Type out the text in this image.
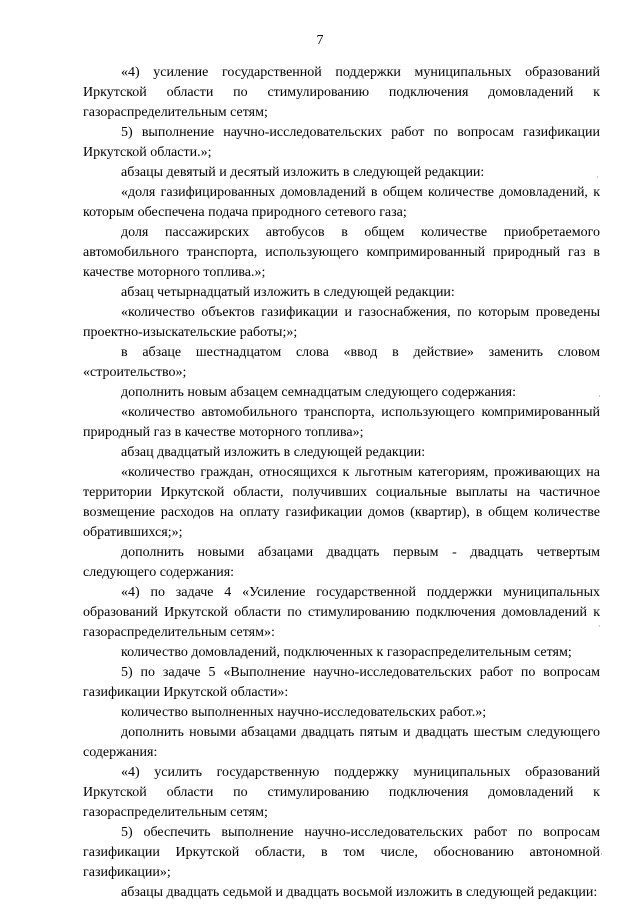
7

«4) усиление государственной поддержки муниципальных образований Иркутской области по стимулированию подключения домовладений к газораспределительным сетям;

5) выполнение научно-исследовательских работ по вопросам газификации Иркутской области.»;

абзацы девятый и десятый изложить в следующей редакции:

«доля газифицированных домовладений в общем количестве домовладений, к которым обеспечена подача природного сетевого газа;

доля пассажирских автобусов в общем количестве приобретаемого автомобильного транспорта, использующего компримированный природный газ в качестве моторного топлива.»;

абзац четырнадцатый изложить в следующей редакции:

«количество объектов газификации и газоснабжения, по которым проведены проектно-изыскательские работы;»;

в абзаце шестнадцатом слова «ввод в действие» заменить словом «строительство»;

дополнить новым абзацем семнадцатым следующего содержания:

«количество автомобильного транспорта, использующего компримированный природный газ в качестве моторного топлива»;

абзац двадцатый изложить в следующей редакции:

«количество граждан, относящихся к льготным категориям, проживающих на территории Иркутской области, получивших социальные выплаты на частичное возмещение расходов на оплату газификации домов (квартир), в общем количестве обратившихся;»;

дополнить новыми абзацами двадцать первым - двадцать четвертым следующего содержания:

«4) по задаче 4 «Усиление государственной поддержки муниципальных образований Иркутской области по стимулированию подключения домовладений к газораспределительным сетям»:

количество домовладений, подключенных к газораспределительным сетям;

5) по задаче 5 «Выполнение научно-исследовательских работ по вопросам газификации Иркутской области»:

количество выполненных научно-исследовательских работ.»;

дополнить новыми абзацами двадцать пятым и двадцать шестым следующего содержания:

«4) усилить государственную поддержку муниципальных образований Иркутской области по стимулированию подключения домовладений к газораспределительным сетям;

5) обеспечить выполнение научно-исследовательских работ по вопросам газификации Иркутской области, в том числе, обоснованию автономной газификации»;

абзацы двадцать седьмой и двадцать восьмой изложить в следующей редакции:

·
·
·
·
